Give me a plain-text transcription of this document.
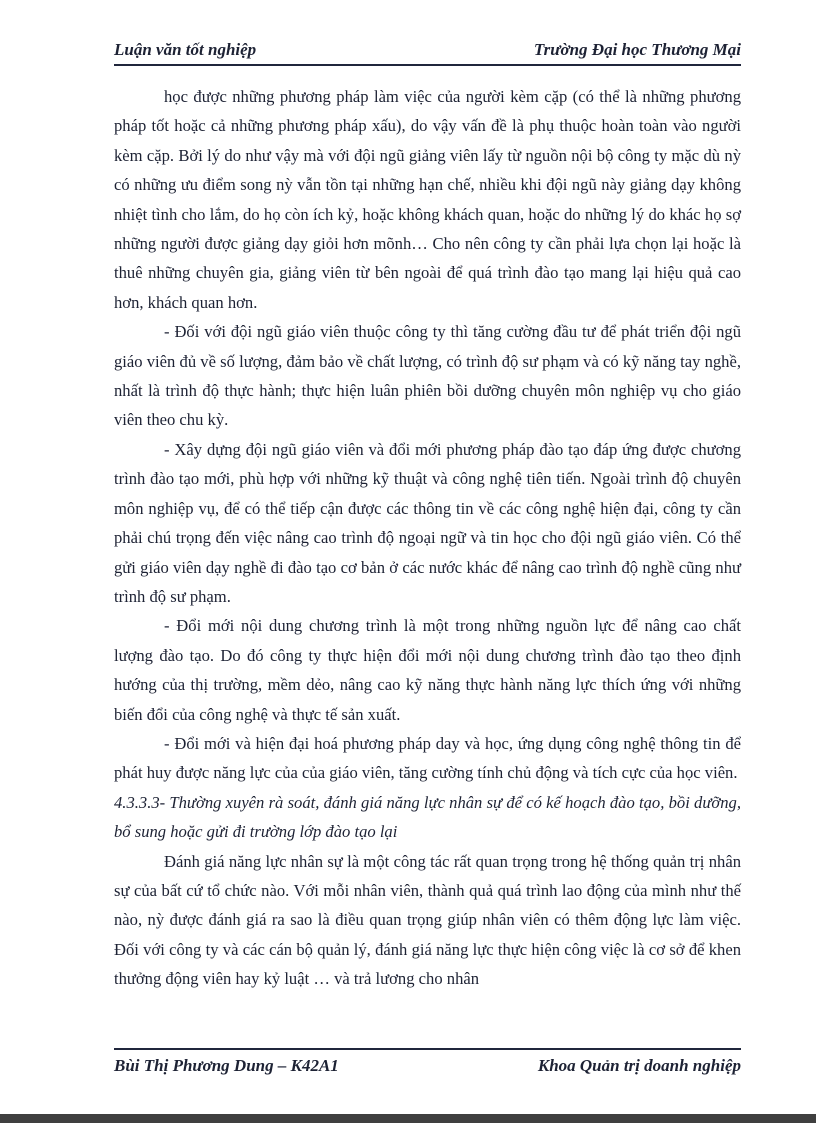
Luận văn tốt nghiệp	Trường Đại học Thương Mại

học được những phương pháp làm việc của người kèm cặp (có thể là những phương pháp tốt hoặc cả những phương pháp xấu), do vậy vấn đề là phụ thuộc hoàn toàn vào người kèm cặp. Bởi lý do như vậy mà với đội ngũ giảng viên lấy từ nguồn nội bộ công ty mặc dù nỳ có những ưu điểm song nỳ vẫn tồn tại những hạn chế, nhiều khi đội ngũ này giảng dạy không nhiệt tình cho lắm, do họ còn ích kỷ, hoặc không khách quan, hoặc do những lý do khác họ sợ những người được giảng dạy giỏi hơn mõnh… Cho nên công ty cần phải lựa chọn lại hoặc là thuê những chuyên gia, giảng viên từ bên ngoài để quá trình đào tạo mang lại hiệu quả cao hơn, khách quan hơn.

- Đối với đội ngũ giáo viên thuộc công ty thì tăng cường đầu tư để phát triển đội ngũ giáo viên đủ về số lượng, đảm bảo về chất lượng, có trình độ sư phạm và có kỹ năng tay nghề, nhất là trình độ thực hành; thực hiện luân phiên bồi dưỡng chuyên môn nghiệp vụ cho giáo viên theo chu kỳ.

- Xây dựng đội ngũ giáo viên và đổi mới phương pháp đào tạo đáp ứng được chương trình đào tạo mới, phù hợp với những kỹ thuật và công nghệ tiên tiến. Ngoài trình độ chuyên môn nghiệp vụ, để có thể tiếp cận được các thông tin về các công nghệ hiện đại, công ty cần phải chú trọng đến việc nâng cao trình độ ngoại ngữ và tin học cho đội ngũ giáo viên. Có thể gửi giáo viên dạy nghề đi đào tạo cơ bản ở các nước khác để nâng cao trình độ nghề cũng như trình độ sư phạm.

- Đổi mới nội dung chương trình là một trong những nguồn lực để nâng cao chất lượng đào tạo. Do đó công ty thực hiện đổi mới nội dung chương trình đào tạo theo định hướng của thị trường, mềm dẻo, nâng cao kỹ năng thực hành năng lực thích ứng với những biến đổi của công nghệ và thực tế sản xuất.

- Đổi mới và hiện đại hoá phương pháp day và học, ứng dụng công nghệ thông tin để phát huy được năng lực của của giáo viên, tăng cường tính chủ động và tích cực của học viên.

4.3.3.3- Thường xuyên rà soát, đánh giá năng lực nhân sự để có kế hoạch đào tạo, bồi dưỡng, bổ sung hoặc gửi đi trường lớp đào tạo lại

Đánh giá năng lực nhân sự là một công tác rất quan trọng trong hệ thống quản trị nhân sự của bất cứ tổ chức nào. Với mỗi nhân viên, thành quả quá trình lao động của mình như thế nào, nỳ được đánh giá ra sao là điều quan trọng giúp nhân viên có thêm động lực làm việc. Đối với công ty và các cán bộ quản lý, đánh giá năng lực thực hiện công việc là cơ sở để khen thưởng động viên hay kỷ luật … và trả lương cho nhân

Bùi Thị Phương Dung – K42A1	Khoa Quản trị doanh nghiệp
